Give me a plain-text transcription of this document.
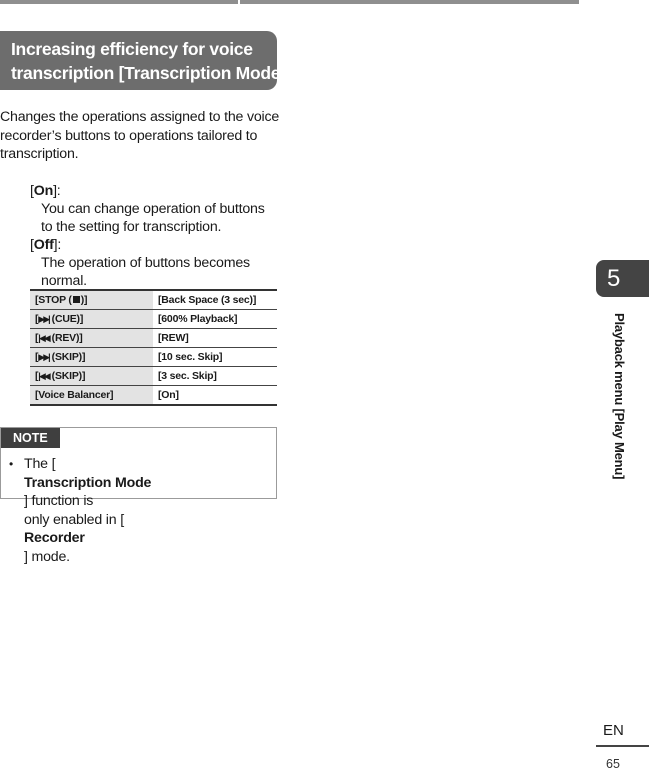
Increasing efficiency for voice
transcription [Transcription Mode]
Changes the operations assigned to the voice
recorder’s buttons to operations tailored to
transcription.
[On]:
You can change operation of buttons
to the setting for transcription.
[Off]:
The operation of buttons becomes
normal.
[STOP ( )]	[Back Space (3 sec)]
[▶▶| (CUE)]	[600% Playback]
[|◀◀ (REV)]	[REW]
[▶▶| (SKIP)]	[10 sec. Skip]
[|◀◀ (SKIP)]	[3 sec. Skip]
[Voice Balancer]	[On]
NOTE
• The [
Transcription Mode
] function is
only enabled in [
Recorder
] mode.
5
Playback menu [Play Menu]
EN
65
